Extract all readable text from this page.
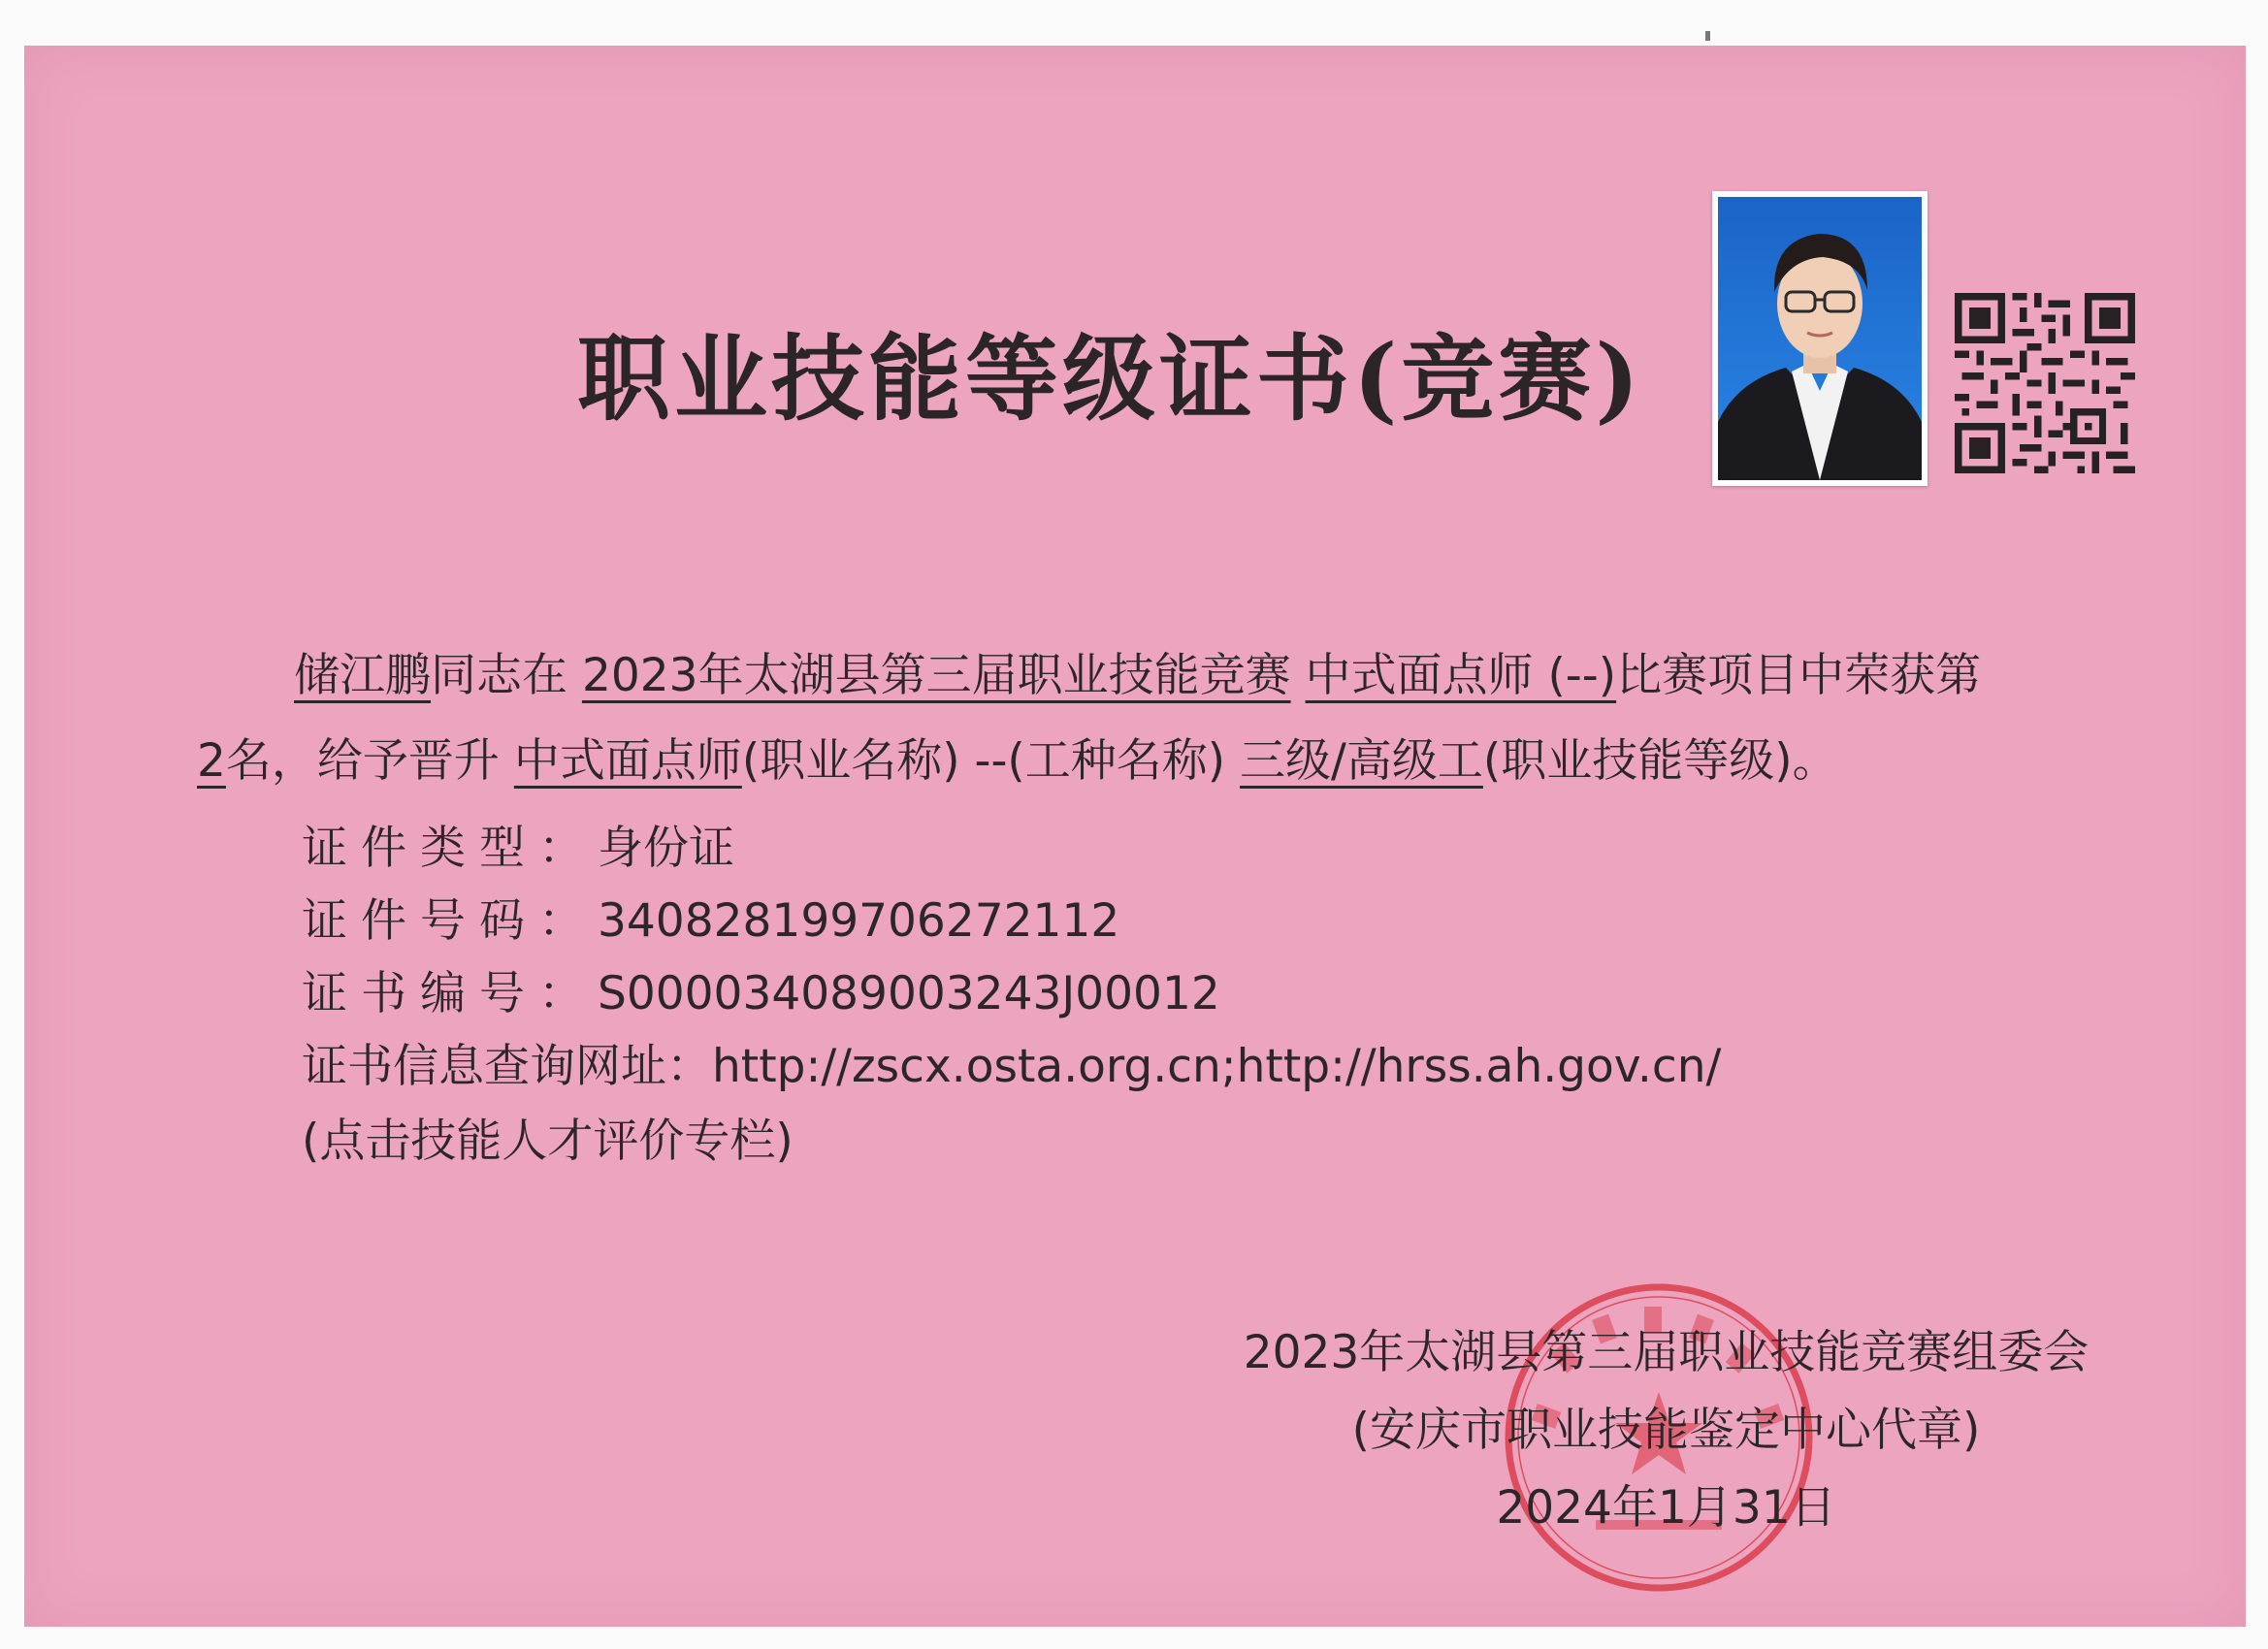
职业技能等级证书(竞赛)
储江鹏同志在 2023年太湖县第三届职业技能竞赛 中式面点师 (--)比赛项目中荣获第
2名，给予晋升 中式面点师(职业名称) --(工种名称) 三级/高级工(职业技能等级)。
证件类型：身份证
证件号码：340828199706272112
证书编号：S000034089003243J00012
证书信息查询网址：http://zscx.osta.org.cn;http://hrss.ah.gov.cn/
(点击技能人才评价专栏)
2023年太湖县第三届职业技能竞赛组委会
(安庆市职业技能鉴定中心代章)
2024年1月31日
